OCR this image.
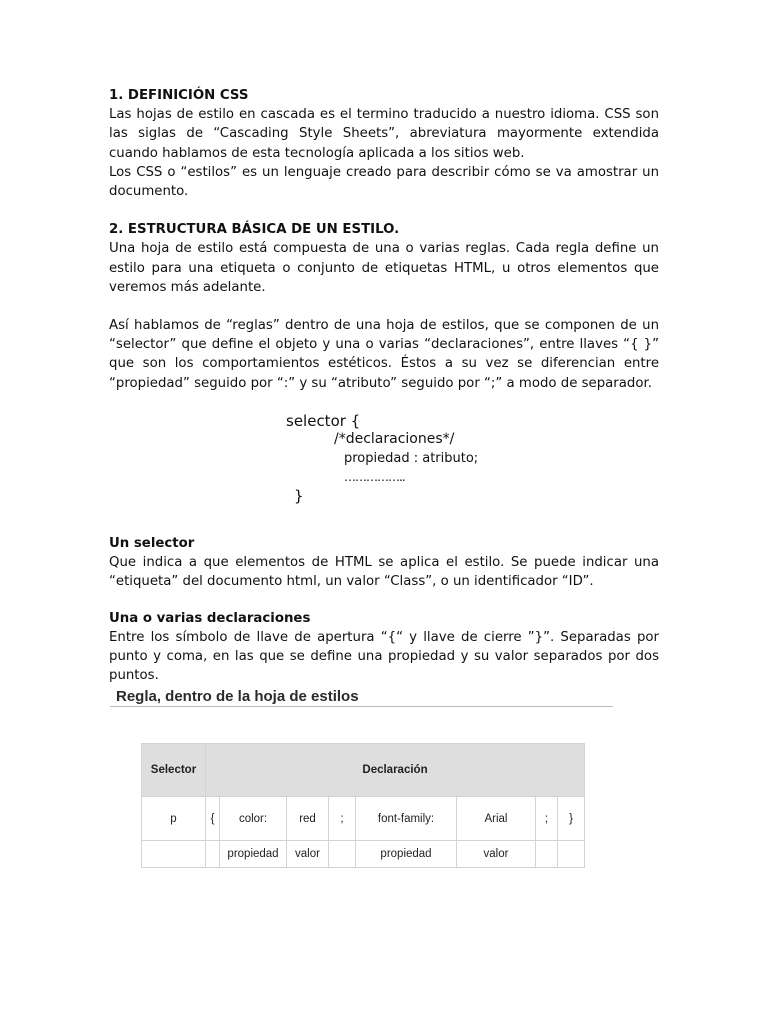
1. DEFINICIÓN CSS

Las hojas de estilo en cascada es el termino traducido a nuestro idioma. CSS son las siglas de “Cascading Style Sheets”, abreviatura mayormente extendida cuando hablamos de esta tecnología aplicada a los sitios web.

Los CSS o “estilos” es un lenguaje creado para describir cómo se va amostrar un documento.

2. ESTRUCTURA BÁSICA DE UN ESTILO.

Una hoja de estilo está compuesta de una o varias reglas. Cada regla define un estilo para una etiqueta o conjunto de etiquetas HTML, u otros elementos que veremos más adelante.

Así hablamos de “reglas” dentro de una hoja de estilos, que se componen de un “selector” que define el objeto y una o varias “declaraciones”, entre llaves “{ }” que son los comportamientos estéticos. Éstos a su vez se diferencian entre “propiedad” seguido por “:” y su “atributo” seguido por “;” a modo de separador.

selector {
/*declaraciones*/
propiedad : atributo;
……………..
}

Un selector

Que indica a que elementos de HTML se aplica el estilo. Se puede indicar una “etiqueta” del documento html, un valor “Class”, o un identificador “ID”.

Una o varias declaraciones

Entre los símbolo de llave de apertura “{“ y llave de cierre ”}”. Separadas por punto y coma, en las que se define una propiedad y su valor separados por dos puntos.

Regla, dentro de la hoja de estilos
Selector	Declaración							
p	{	color:	red	;	font-family:	Arial	;	}
		propiedad	valor		propiedad	valor		
